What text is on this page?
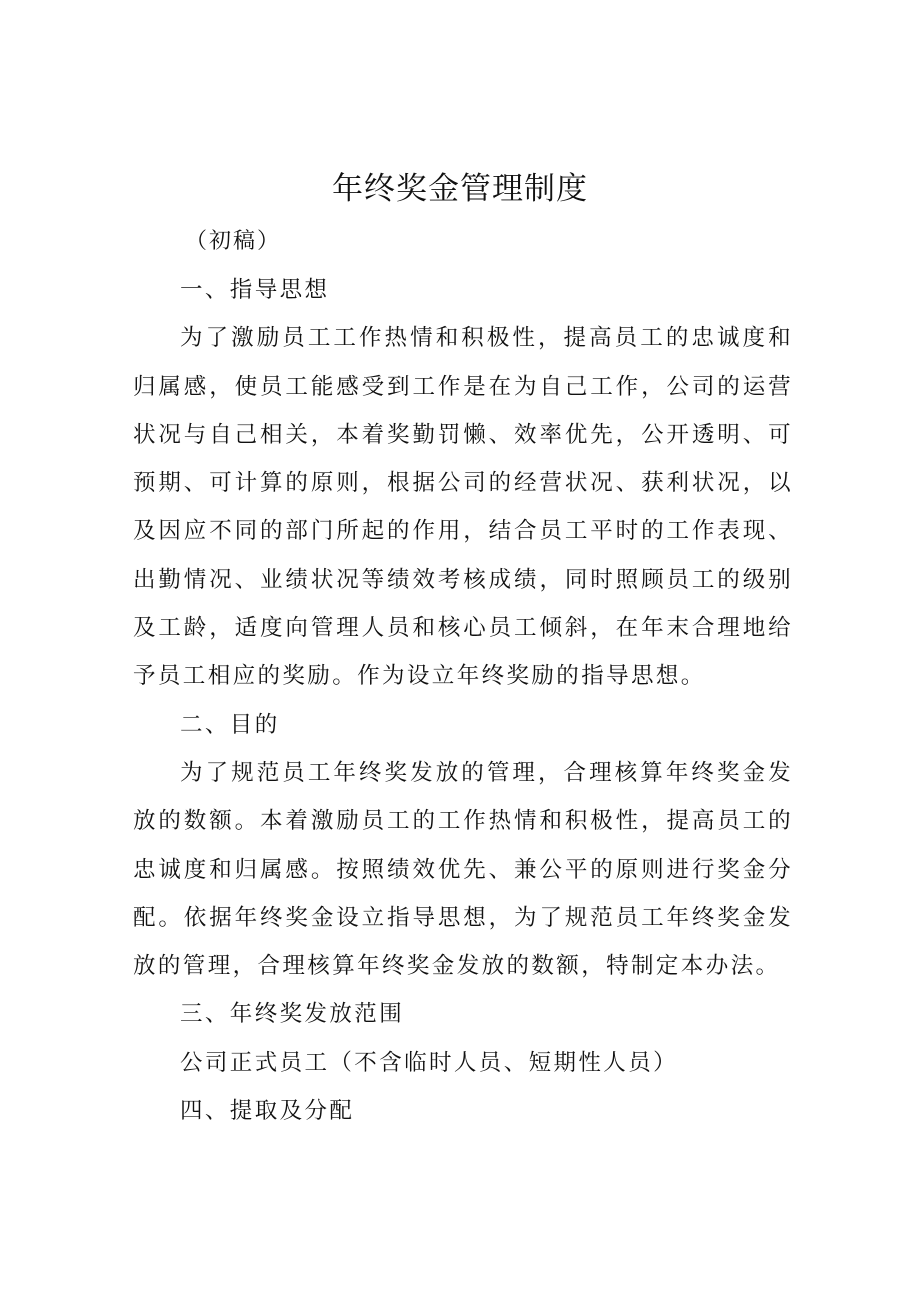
年终奖金管理制度

（初稿）

一、指导思想

为了激励员工工作热情和积极性，提高员工的忠诚度和归属感，使员工能感受到工作是在为自己工作，公司的运营状况与自己相关，本着奖勤罚懒、效率优先，公开透明、可预期、可计算的原则，根据公司的经营状况、获利状况，以及因应不同的部门所起的作用，结合员工平时的工作表现、出勤情况、业绩状况等绩效考核成绩，同时照顾员工的级别及工龄，适度向管理人员和核心员工倾斜，在年末合理地给予员工相应的奖励。作为设立年终奖励的指导思想。

二、目的

为了规范员工年终奖发放的管理，合理核算年终奖金发放的数额。本着激励员工的工作热情和积极性，提高员工的忠诚度和归属感。按照绩效优先、兼公平的原则进行奖金分配。依据年终奖金设立指导思想，为了规范员工年终奖金发放的管理，合理核算年终奖金发放的数额，特制定本办法。

三、年终奖发放范围

公司正式员工（不含临时人员、短期性人员）

四、提取及分配
